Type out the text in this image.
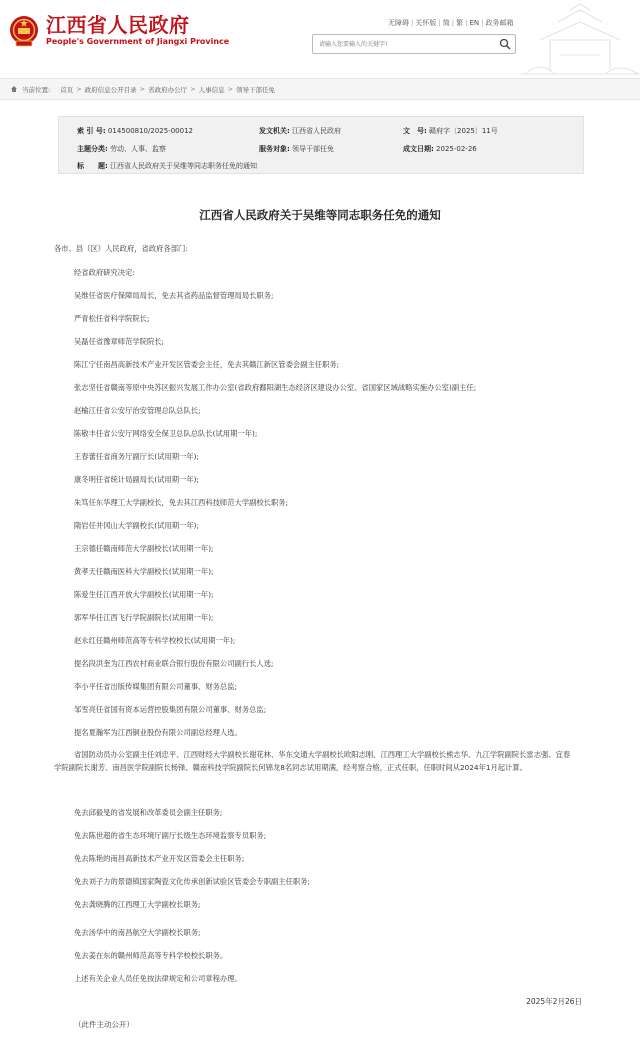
江西省人民政府
People's Government of Jiangxi Province
无障碍 | 关怀版 | 简 | 繁 | EN | 政务邮箱
请输入您要输入的关键字!
当前位置: 首页 > 政府信息公开目录 > 省政府办公厅 > 人事信息 > 领导干部任免
索 引 号: 014500810/2025-00012	发文机关: 江西省人民政府	文　号: 赣府字〔2025〕11号
主题分类: 劳动、人事、监察	服务对象: 领导干部任免	成文日期: 2025-02-26
标　　题: 江西省人民政府关于吴维等同志职务任免的通知
江西省人民政府关于吴维等同志职务任免的通知
各市、县（区）人民政府，省政府各部门:
经省政府研究决定:
吴维任省医疗保障局局长，免去其省药品监督管理局局长职务;
严青松任省科学院院长;
吴磊任省豫章师范学院院长;
陈江宁任南昌高新技术产业开发区管委会主任，免去其赣江新区管委会副主任职务;
张志坚任省赣南等原中央苏区振兴发展工作办公室(省政府鄱阳湖生态经济区建设办公室、省国家区域战略实施办公室)副主任;
赵榆江任省公安厅治安管理总队总队长;
陈敬丰任省公安厅网络安全保卫总队总队长(试用期一年);
王春蕾任省商务厅副厅长(试用期一年);
康冬明任省统计局副局长(试用期一年);
朱笃任东华理工大学副校长，免去其江西科技师范大学副校长职务;
隋岩任井冈山大学副校长(试用期一年);
王宗德任赣南师范大学副校长(试用期一年);
黄孝天任赣南医科大学副校长(试用期一年);
陈爱生任江西开放大学副校长(试用期一年);
郭军华任江西飞行学院副院长(试用期一年);
赵永红任赣州师范高等专科学校校长(试用期一年);
提名段洪奎为江西农村商业联合银行股份有限公司副行长人选;
李小平任省出版传媒集团有限公司董事、财务总监;
邹雪亮任省国有资本运营控股集团有限公司董事、财务总监;
提名夏瀚军为江西铜业股份有限公司副总经理人选。
省国防动员办公室副主任刘忠平、江西财经大学副校长谢花林、华东交通大学副校长欧阳志刚、江西理工大学副校长熊志华、九江学院副院长雷志强、宜春学院副院长谢芳、南昌医学院副院长杨锋、赣南科技学院副院长何锦龙8名同志试用期满，经考察合格，正式任职，任职时间从2024年1月起计算。
免去邱毅旻的省发展和改革委员会副主任职务;
免去陈世超的省生态环境厅副厅长级生态环境监察专员职务;
免去陈艳的南昌高新技术产业开发区管委会主任职务;
免去刘子力的景德镇国家陶瓷文化传承创新试验区管委会专职副主任职务;
免去龚晓腾的江西理工大学副校长职务;
免去汤华中的南昌航空大学副校长职务;
免去姜在东的赣州师范高等专科学校校长职务。
上述有关企业人员任免按法律规定和公司章程办理。
2025年2月26日
（此件主动公开）
